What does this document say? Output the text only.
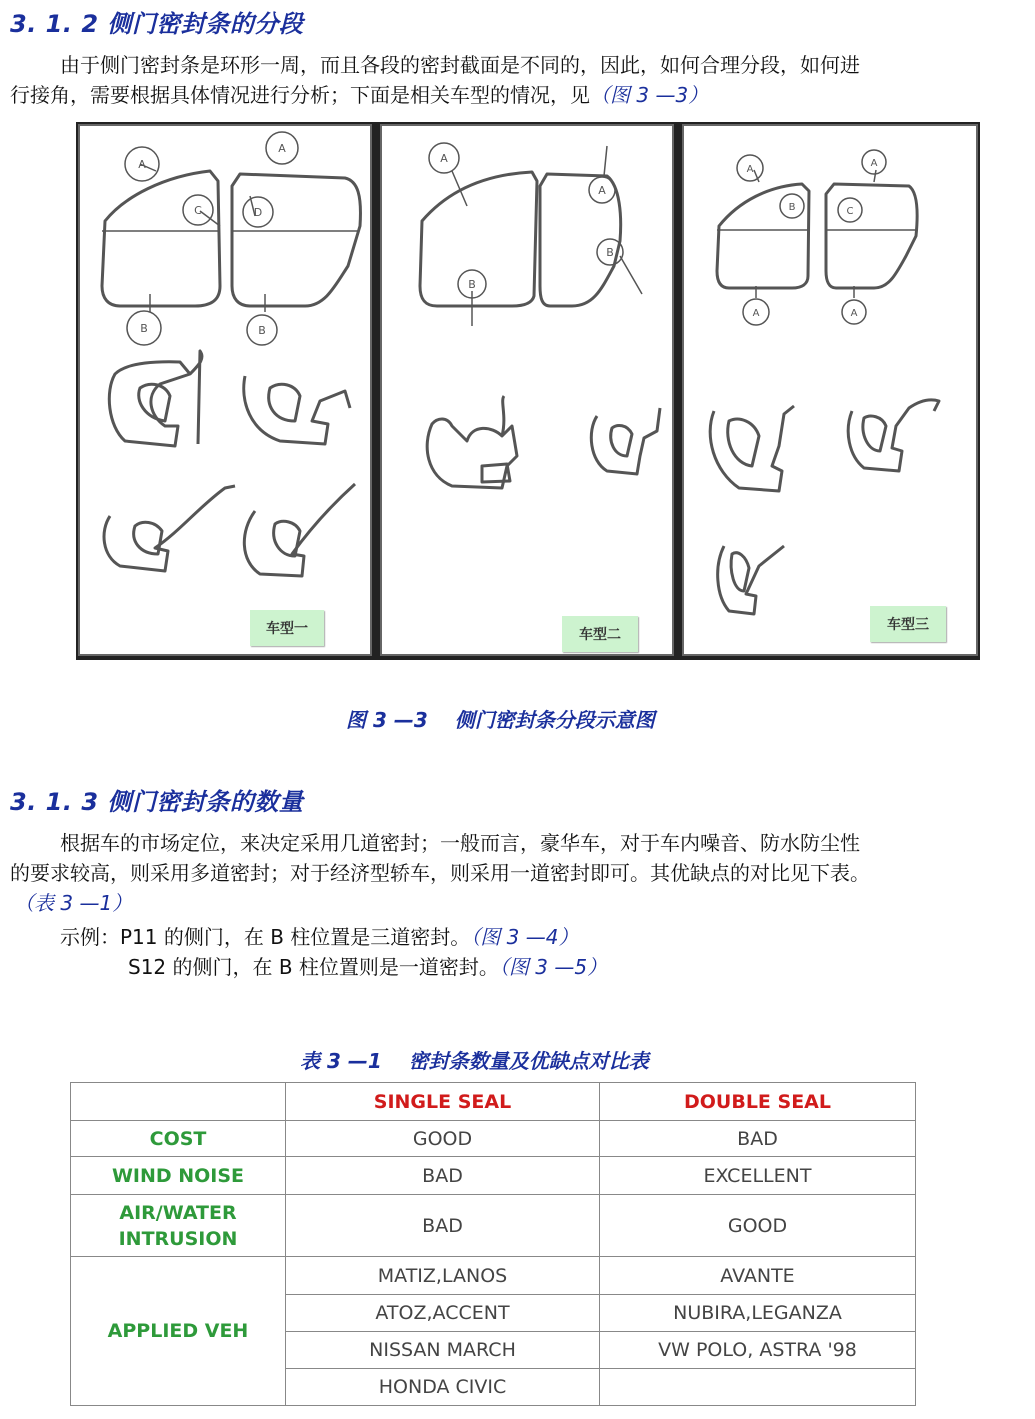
3. 1. 2 侧门密封条的分段
由于侧门密封条是环形一周，而且各段的密封截面是不同的，因此，如何合理分段，如何进
行接角，需要根据具体情况进行分析；下面是相关车型的情况，见（图 3 —3）
A
A
C	D
B	B
车型一
A
A
B
B
车型二
A
A
B	C
A	A
车型三
图 3 —3　 侧门密封条分段示意图
3. 1. 3 侧门密封条的数量
根据车的市场定位，来决定采用几道密封；一般而言，豪华车，对于车内噪音、防水防尘性
的要求较高，则采用多道密封；对于经济型轿车，则采用一道密封即可。其优缺点的对比见下表。
（表 3 —1）
示例：P11 的侧门，在 B 柱位置是三道密封。（图 3 —4）
S12 的侧门，在 B 柱位置则是一道密封。（图 3 —5）
表 3 —1　 密封条数量及优缺点对比表
	SINGLE SEAL	DOUBLE SEAL
COST	GOOD	BAD
WIND NOISE	BAD	EXCELLENT
AIR/WATER INTRUSION	BAD	GOOD
APPLIED VEH	MATIZ,LANOS	AVANTE
	ATOZ,ACCENT	NUBIRA,LEGANZA
	NISSAN MARCH	VW POLO, ASTRA '98
	HONDA CIVIC	
